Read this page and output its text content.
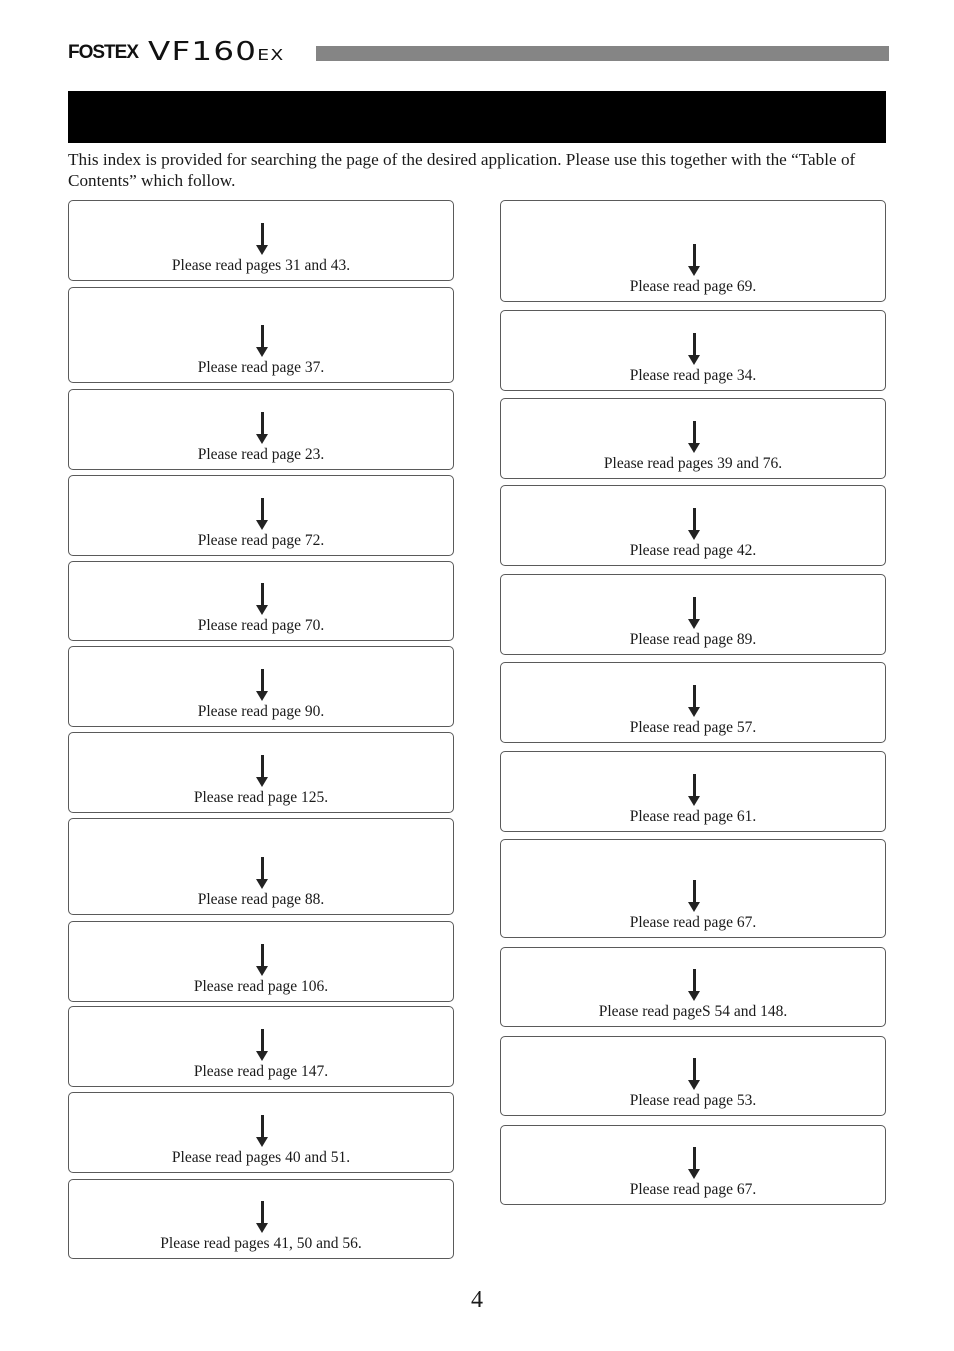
FOSTEX VF160EX
This index is provided for searching the page of the desired application. Please use this together with the “Table of Contents” which follow.
Please read pages 31 and 43.
Please read page 37.
Please read page 23.
Please read page 72.
Please read page 70.
Please read page 90.
Please read page 125.
Please read page 88.
Please read page 106.
Please read page 147.
Please read pages 40 and 51.
Please read pages 41, 50 and 56.
Please read page 69.
Please read page 34.
Please read pages 39 and 76.
Please read page 42.
Please read page 89.
Please read page 57.
Please read page 61.
Please read page 67.
Please read pageS 54 and 148.
Please read page 53.
Please read page 67.
4
